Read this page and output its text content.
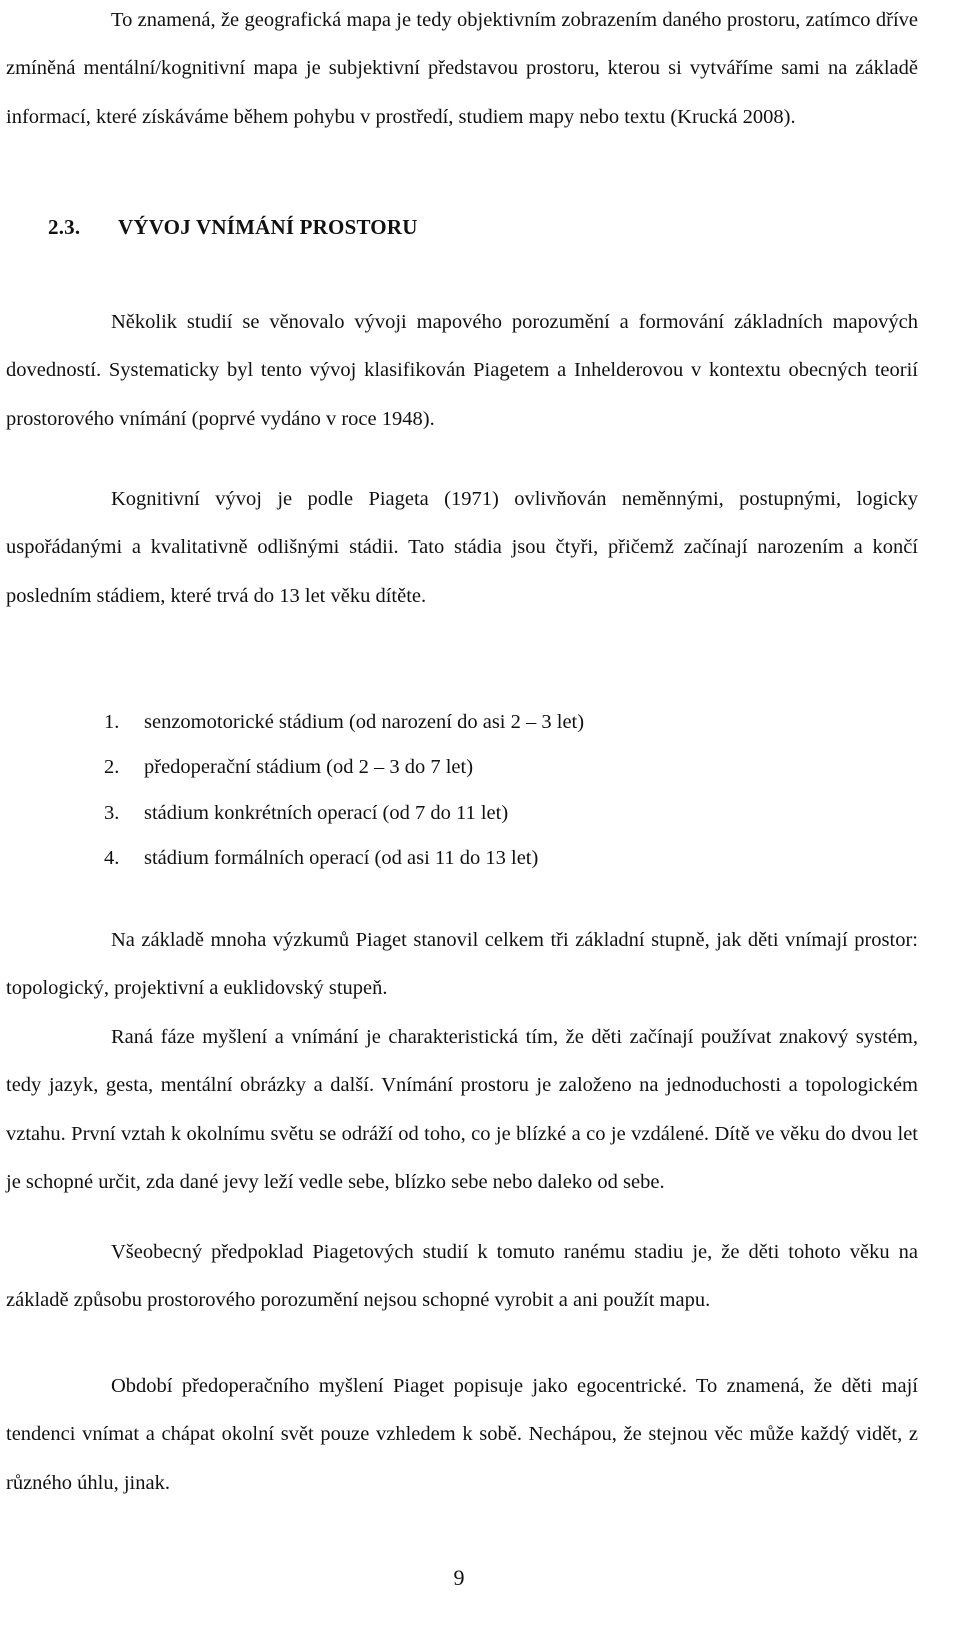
To znamená, že geografická mapa je tedy objektivním zobrazením daného prostoru, zatímco dříve zmíněná mentální/kognitivní mapa je subjektivní představou prostoru, kterou si vytváříme sami na základě informací, které získáváme během pohybu v prostředí, studiem mapy nebo textu (Krucká 2008).

2.3. VÝVOJ VNÍMÁNÍ PROSTORU

Několik studií se věnovalo vývoji mapového porozumění a formování základních mapových dovedností. Systematicky byl tento vývoj klasifikován Piagetem a Inhelderovou v kontextu obecných teorií prostorového vnímání (poprvé vydáno v roce 1948).

Kognitivní vývoj je podle Piageta (1971) ovlivňován neměnnými, postupnými, logicky uspořádanými a kvalitativně odlišnými stádii. Tato stádia jsou čtyři, přičemž začínají narozením a končí posledním stádiem, které trvá do 13 let věku dítěte.

1. senzomotorické stádium (od narození do asi 2 – 3 let)
2. předoperační stádium (od 2 – 3 do 7 let)
3. stádium konkrétních operací (od 7 do 11 let)
4. stádium formálních operací (od asi 11 do 13 let)

Na základě mnoha výzkumů Piaget stanovil celkem tři základní stupně, jak děti vnímají prostor: topologický, projektivní a euklidovský stupeň.

Raná fáze myšlení a vnímání je charakteristická tím, že děti začínají používat znakový systém, tedy jazyk, gesta, mentální obrázky a další. Vnímání prostoru je založeno na jednoduchosti a topologickém vztahu. První vztah k okolnímu světu se odráží od toho, co je blízké a co je vzdálené. Dítě ve věku do dvou let je schopné určit, zda dané jevy leží vedle sebe, blízko sebe nebo daleko od sebe.

Všeobecný předpoklad Piagetových studií k tomuto ranému stadiu je, že děti tohoto věku na základě způsobu prostorového porozumění nejsou schopné vyrobit a ani použít mapu.

Období předoperačního myšlení Piaget popisuje jako egocentrické. To znamená, že děti mají tendenci vnímat a chápat okolní svět pouze vzhledem k sobě. Nechápou, že stejnou věc může každý vidět, z různého úhlu, jinak.

9
